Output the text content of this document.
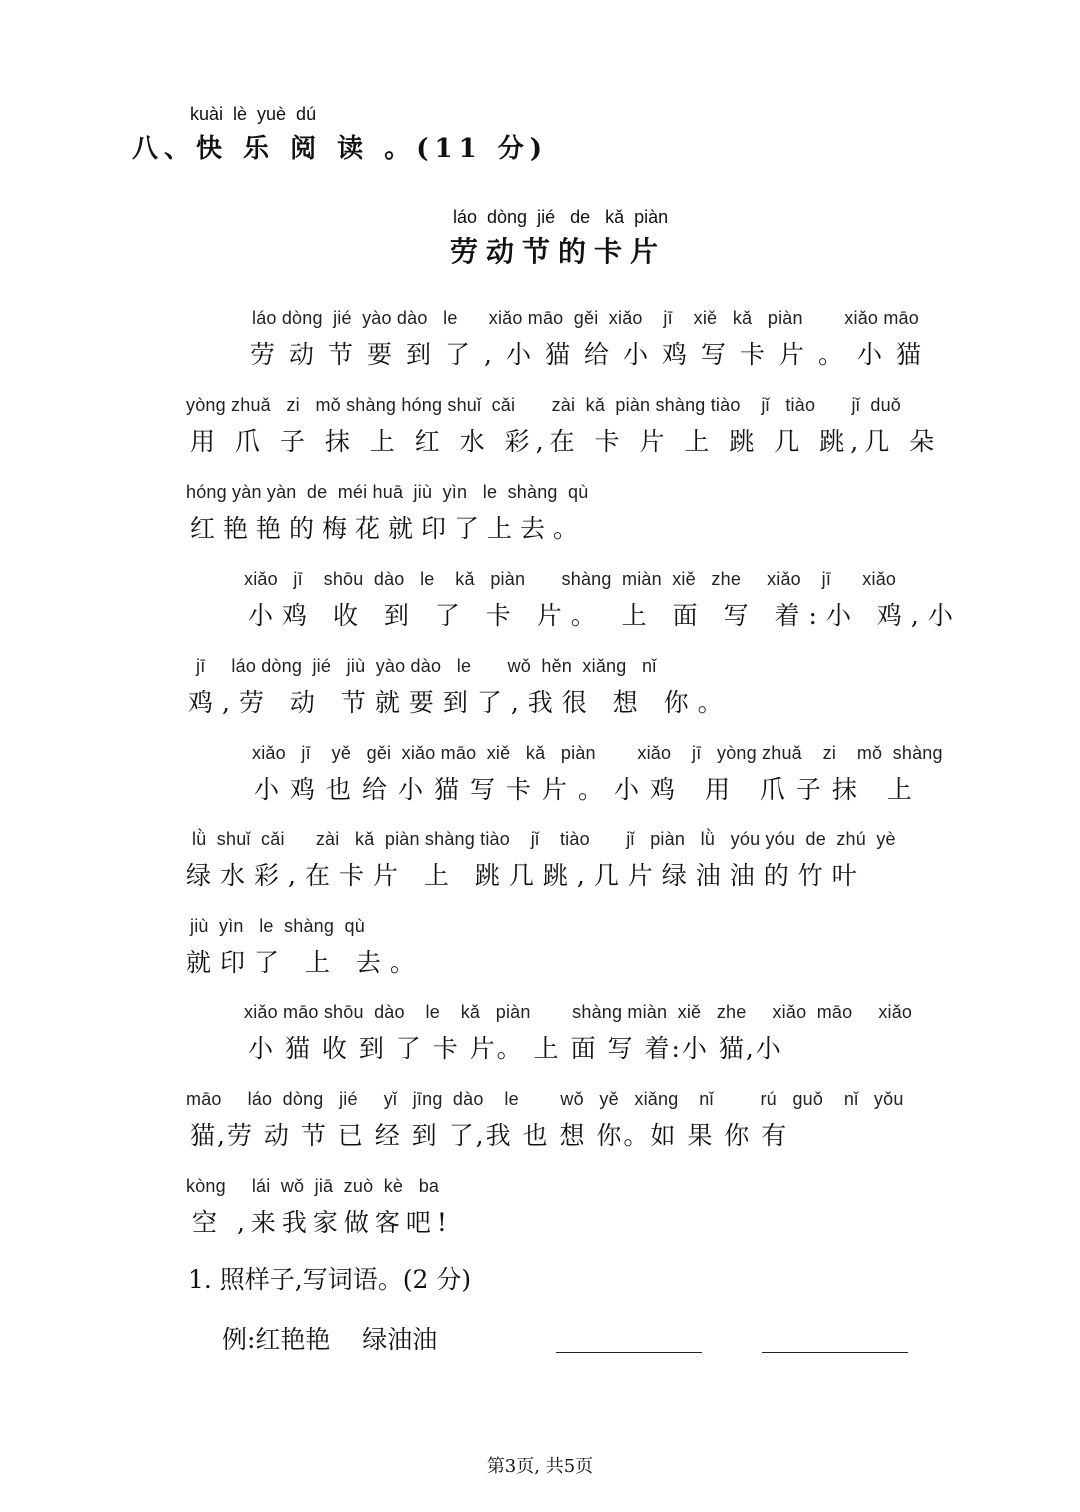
kuài  lè  yuè  dú
八、快 乐 阅 读 。(11 分)
láo  dòng  jié   de   kǎ  piàn
劳动节的卡片
láo dòng  jié  yào dào   le      xiǎo māo  gěi  xiǎo    jī    xiě   kǎ   piàn        xiǎo māo
劳动节要到了,小猫给小鸡写卡片。小猫
yòng zhuǎ   zi   mǒ shàng hóng shuǐ  cǎi       zài  kǎ  piàn shàng tiào    jǐ   tiào       jǐ  duǒ
用 爪 子 抹 上 红 水 彩,在 卡 片 上 跳 几 跳,几 朵
hóng yàn yàn  de  méi huā  jiù  yìn   le  shàng  qù
红艳艳的梅花就印了上去。
xiǎo   jī    shōu  dào   le    kǎ   piàn       shàng  miàn  xiě   zhe     xiǎo    jī      xiǎo
小鸡 收 到 了 卡 片。 上 面 写 着:小 鸡,小
jī     láo dòng  jié   jiù  yào dào   le       wǒ  hěn  xiǎng   nǐ
鸡,劳 动 节就要到了,我很 想 你。
xiǎo   jī    yě   gěi  xiǎo māo  xiě   kǎ   piàn        xiǎo    jī   yòng zhuǎ    zi    mǒ  shàng
小鸡也给小猫写卡片。小鸡 用 爪子抹 上
lǜ  shuǐ  cǎi      zài   kǎ  piàn shàng tiào    jǐ    tiào       jǐ   piàn   lǜ   yóu yóu  de  zhú  yè
绿水彩,在卡片 上 跳几跳,几片绿油油的竹叶
jiù  yìn   le  shàng  qù
就印了 上 去。
xiǎo māo shōu  dào    le    kǎ   piàn        shàng miàn  xiě   zhe     xiǎo  māo     xiǎo
小 猫 收 到 了 卡 片。 上 面 写 着:小 猫,小
māo     láo  dòng   jié     yǐ   jīng  dào    le        wǒ   yě   xiǎng    nǐ         rú   guǒ    nǐ   yǒu
猫,劳 动 节 已 经 到 了,我 也 想 你。如 果 你 有
kòng     lái  wǒ  jiā  zuò  kè   ba
空 ,来我家做客吧!
1. 照样子,写词语。(2 分)
例:红艳艳    绿油油
第3页, 共5页
